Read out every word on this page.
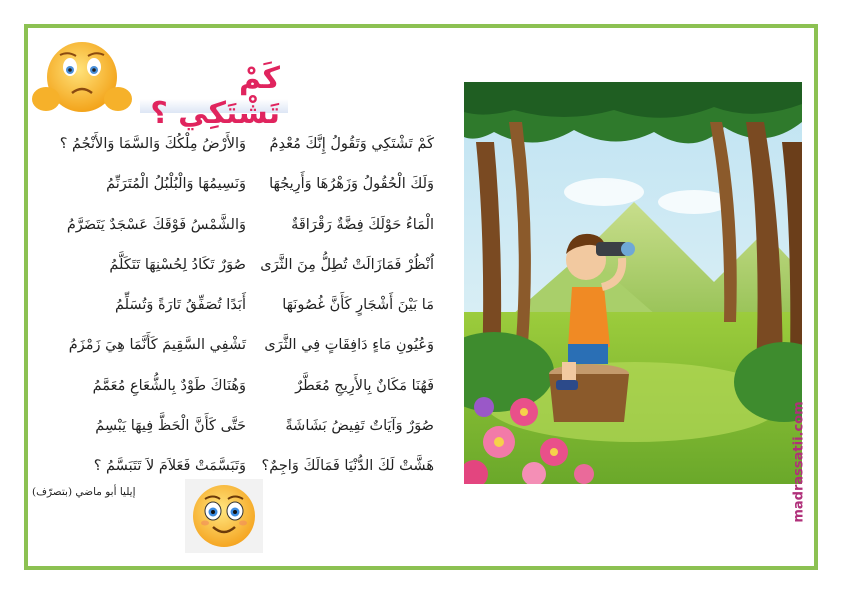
كَمْ تَشْتَكِي ؟
كَمْ تَشْتَكِي وَتَقُولُ إِنَّكَ مُعْدِمُ
وَلَكَ الْحُقُولُ وَزَهْرُهَا وَأَرِيجُهَا
الْمَاءُ حَوْلَكَ فِضَّةٌ رَقْرَاقَةٌ
اُنْظُرْ فَمَازَالَتْ تُطِلُّ مِنَ الثَّرَى
مَا بَيْنَ أَشْجَارٍ كَأَنَّ غُصُونَهَا
وَعُيُونِ مَاءٍ دَافِقَاتٍ فِي الثَّرَى
فَهُنَا مَكَانٌ بِالأَرِيجِ مُعَطَّرٌ
صُوَرٌ وَآيَاتٌ تَفِيضُ بَشَاشَةً
هَشَّتْ لَكَ الدُّنْيَا فَمَالَكَ وَاجِمٌ؟
وَالأَرْضُ مِلْكُكَ وَالسَّمَا وَالأَنْجُمُ ؟
وَنَسِيمُهَا وَالْبُلْبُلُ الْمُتَرَنِّمُ
وَالشَّمْسُ فَوْقَكَ عَسْجَدٌ يَتَضَرَّمُ
صُوَرٌ تَكَادُ لِحُسْنِهَا تَتَكَلَّمُ
أَبَدًا تُصَفِّقُ تَارَةً وَتُسَلِّمُ
تَشْفِي السَّقِيمَ كَأَنَّمَا هِيَ زَمْزَمُ
وَهُنَاكَ طَوْدٌ بِالشُّعَاعِ مُعَمَّمُ
حَتَّى كَأَنَّ الْحَظَّ فِيهَا يَبْسِمُ
وَتَبَسَّمَتْ فَعَلاَمَ لاَ تَتَبَسَّمُ ؟
إيليا أبو ماضي (بتصرّف)	madrassatii.com
